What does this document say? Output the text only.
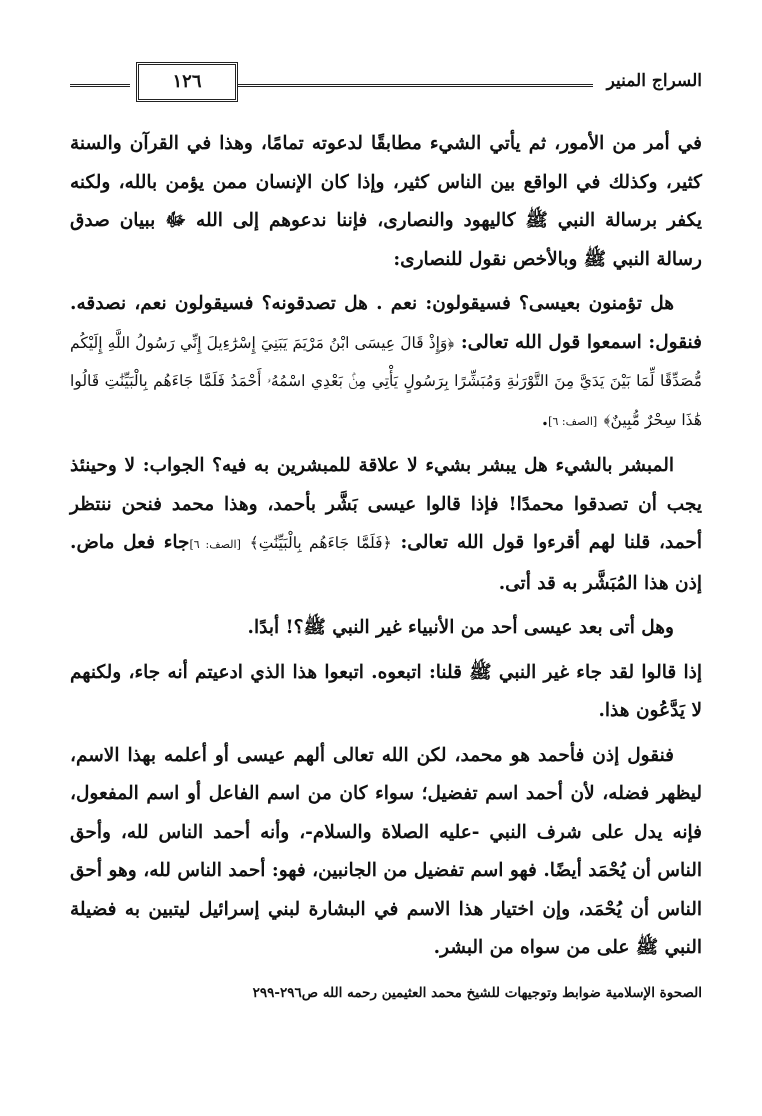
١٢٦	السراج المنير

في أمر من الأمور، ثم يأتي الشيء مطابقًا لدعوته تمامًا، وهذا في القرآن والسنة كثير، وكذلك في الواقع بين الناس كثير، وإذا كان الإنسان ممن يؤمن بالله، ولكنه يكفر برسالة النبي ﷺ كاليهود والنصارى، فإننا ندعوهم إلى الله ﷻ ببيان صدق رسالة النبي ﷺ وبالأخص نقول للنصارى:

هل تؤمنون بعيسى؟ فسيقولون: نعم . هل تصدقونه؟ فسيقولون نعم، نصدقه. فنقول: اسمعوا قول الله تعالى: ﴿وَإِذْ قَالَ عِيسَى ابْنُ مَرْيَمَ يَبَنِيَ إِسْرَٰءِيلَ إِنِّي رَسُولُ اللَّهِ إِلَيْكُم مُّصَدِّقًا لِّمَا بَيْنَ يَدَيَّ مِنَ التَّوْرَىٰةِ وَمُبَشِّرًا بِرَسُولٍ يَأْتِي مِنۢ بَعْدِي اسْمُهُۥ أَحْمَدُ فَلَمَّا جَاءَهُم بِالْبَيِّنَٰتِ قَالُوا هَٰذَا سِحْرٌ مُّبِينٌ﴾ [الصف: ٦].

المبشر بالشيء هل يبشر بشيء لا علاقة للمبشرين به فيه؟ الجواب: لا وحينئذ يجب أن تصدقوا محمدًا! فإذا قالوا عيسى بَشَّر بأحمد، وهذا محمد فنحن ننتظر أحمد، قلنا لهم أقرءوا قول الله تعالى: ﴿فَلَمَّا جَاءَهُم بِالْبَيِّنَٰتِ﴾ [الصف: ٦]جاء فعل ماض. إذن هذا المُبَشَّر به قد أتى.

وهل أتى بعد عيسى أحد من الأنبياء غير النبي ﷺ؟! أبدًا.

إذا قالوا لقد جاء غير النبي ﷺ قلنا: اتبعوه. اتبعوا هذا الذي ادعيتم أنه جاء، ولكنهم لا يَدَّعُون هذا.

فنقول إذن فأحمد هو محمد، لكن الله تعالى ألهم عيسى أو أعلمه بهذا الاسم، ليظهر فضله، لأن أحمد اسم تفضيل؛ سواء كان من اسم الفاعل أو اسم المفعول، فإنه يدل على شرف النبي -عليه الصلاة والسلام-، وأنه أحمد الناس لله، وأحق الناس أن يُحْمَد أيضًا. فهو اسم تفضيل من الجانبين، فهو: أحمد الناس لله، وهو أحق الناس أن يُحْمَد، وإن اختيار هذا الاسم في البشارة لبني إسرائيل ليتبين به فضيلة النبي ﷺ على من سواه من البشر.

الصحوة الإسلامية ضوابط وتوجيهات للشيخ محمد العثيمين رحمه الله ص٢٩٦-٢٩٩
